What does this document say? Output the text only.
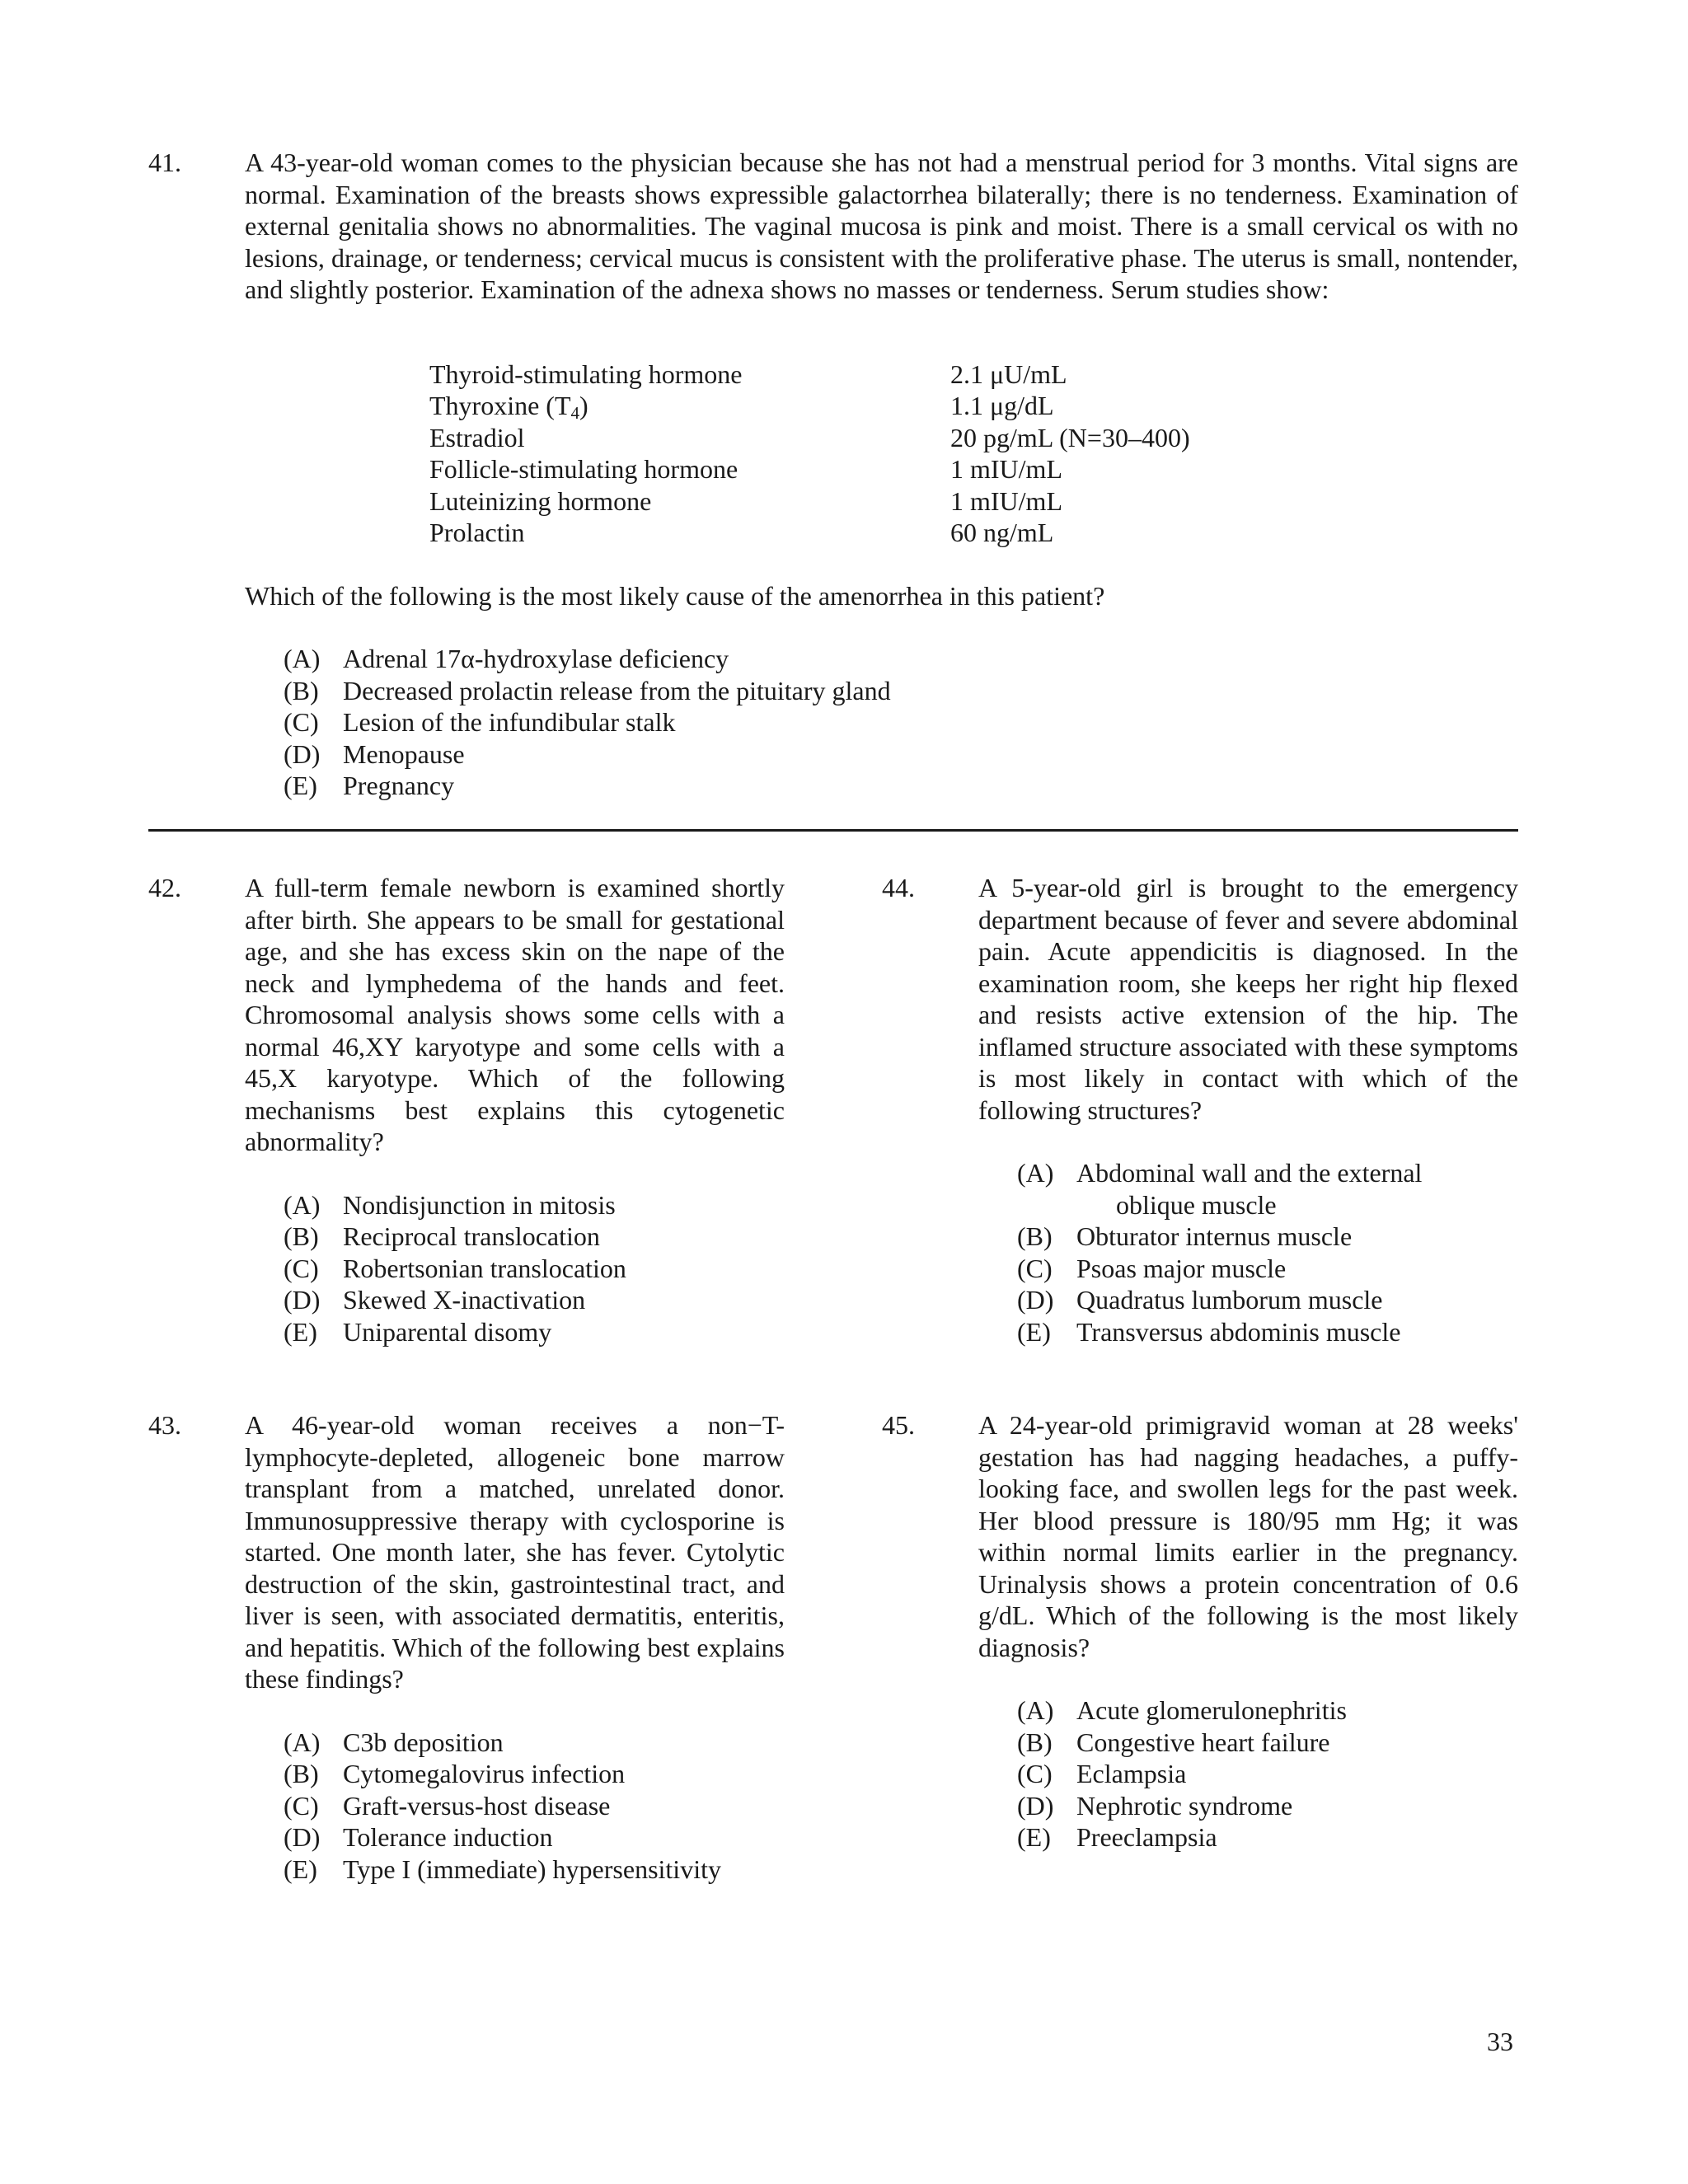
41. A 43-year-old woman comes to the physician because she has not had a menstrual period for 3 months. Vital signs are normal. Examination of the breasts shows expressible galactorrhea bilaterally; there is no tenderness. Examination of external genitalia shows no abnormalities. The vaginal mucosa is pink and moist. There is a small cervical os with no lesions, drainage, or tenderness; cervical mucus is consistent with the proliferative phase. The uterus is small, nontender, and slightly posterior. Examination of the adnexa shows no masses or tenderness. Serum studies show:

Thyroid-stimulating hormone	2.1 μU/mL
Thyroxine $(T_4)$	1.1 μg/dL
Estradiol	20 pg/mL (N=30–400)
Follicle-stimulating hormone	1 mIU/mL
Luteinizing hormone	1 mIU/mL
Prolactin	60 ng/mL

Which of the following is the most likely cause of the amenorrhea in this patient?

(A) Adrenal 17α-hydroxylase deficiency
(B) Decreased prolactin release from the pituitary gland
(C) Lesion of the infundibular stalk
(D) Menopause
(E) Pregnancy
42. A full-term female newborn is examined shortly after birth. She appears to be small for gestational age, and she has excess skin on the nape of the neck and lymphedema of the hands and feet. Chromosomal analysis shows some cells with a normal 46,XY karyotype and some cells with a 45,X karyotype. Which of the following mechanisms best explains this cytogenetic abnormality?

(A) Nondisjunction in mitosis
(B) Reciprocal translocation
(C) Robertsonian translocation
(D) Skewed X-inactivation
(E) Uniparental disomy
43. A 46-year-old woman receives a non−T-lymphocyte-depleted, allogeneic bone marrow transplant from a matched, unrelated donor. Immunosuppressive therapy with cyclosporine is started. One month later, she has fever. Cytolytic destruction of the skin, gastrointestinal tract, and liver is seen, with associated dermatitis, enteritis, and hepatitis. Which of the following best explains these findings?

(A) C3b deposition
(B) Cytomegalovirus infection
(C) Graft-versus-host disease
(D) Tolerance induction
(E) Type I (immediate) hypersensitivity
44. A 5-year-old girl is brought to the emergency department because of fever and severe abdominal pain. Acute appendicitis is diagnosed. In the examination room, she keeps her right hip flexed and resists active extension of the hip. The inflamed structure associated with these symptoms is most likely in contact with which of the following structures?

(A) Abdominal wall and the external
oblique muscle
(B) Obturator internus muscle
(C) Psoas major muscle
(D) Quadratus lumborum muscle
(E) Transversus abdominis muscle
45. A 24-year-old primigravid woman at 28 weeks' gestation has had nagging headaches, a puffy-looking face, and swollen legs for the past week. Her blood pressure is 180/95 mm Hg; it was within normal limits earlier in the pregnancy. Urinalysis shows a protein concentration of 0.6 g/dL. Which of the following is the most likely diagnosis?

(A) Acute glomerulonephritis
(B) Congestive heart failure
(C) Eclampsia
(D) Nephrotic syndrome
(E) Preeclampsia
33
